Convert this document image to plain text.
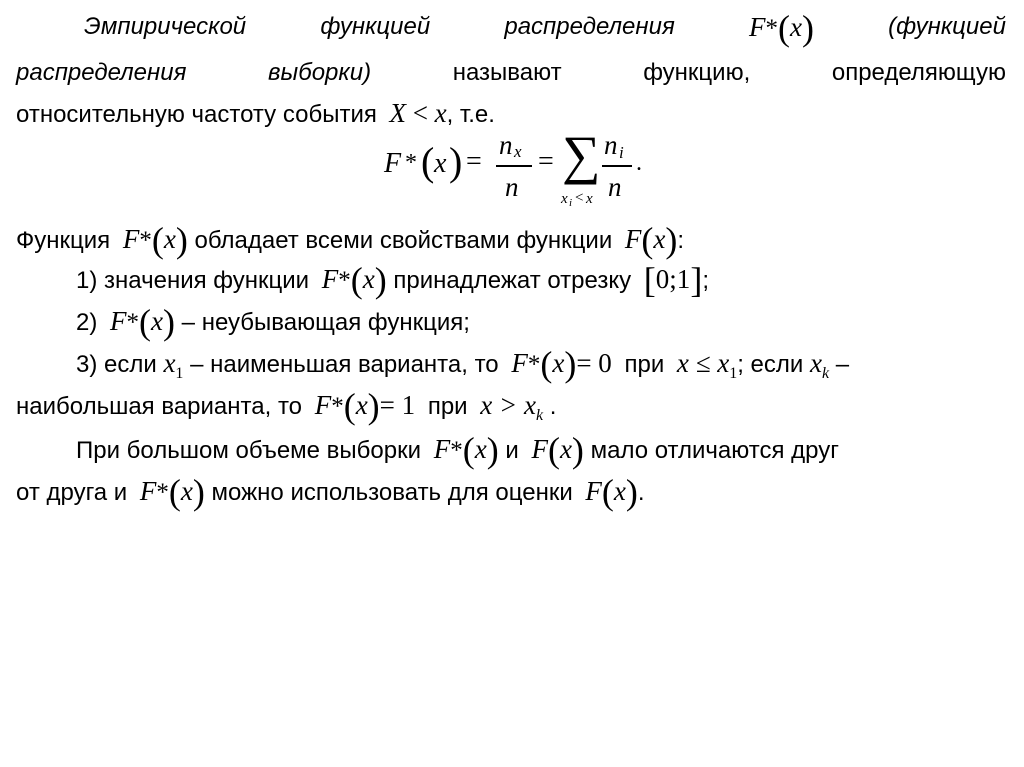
Эмпирической	функцией	распределения	F*(x)	(функцией
распределения	выборки)	называют	функцию,	определяющую
относительную частоту события X < x, т.е.
F * ( x ) =
n x
n
= ∑
x i < x
n i
n
.
Функция F*(x) обладает всеми свойствами функции F(x):
1) значения функции F*(x) принадлежат отрезку [0;1];
2) F*(x) – неубывающая функция;
3) если $x_1$ – наименьшая варианта, то F*(x)= 0 при $x \le x_1$; если $x_k$ –
наибольшая варианта, то F*(x)= 1 при $x > x_k$ .
При большом объеме выборки F*(x) и F(x) мало отличаются друг
от друга и F*(x) можно использовать для оценки F(x).
